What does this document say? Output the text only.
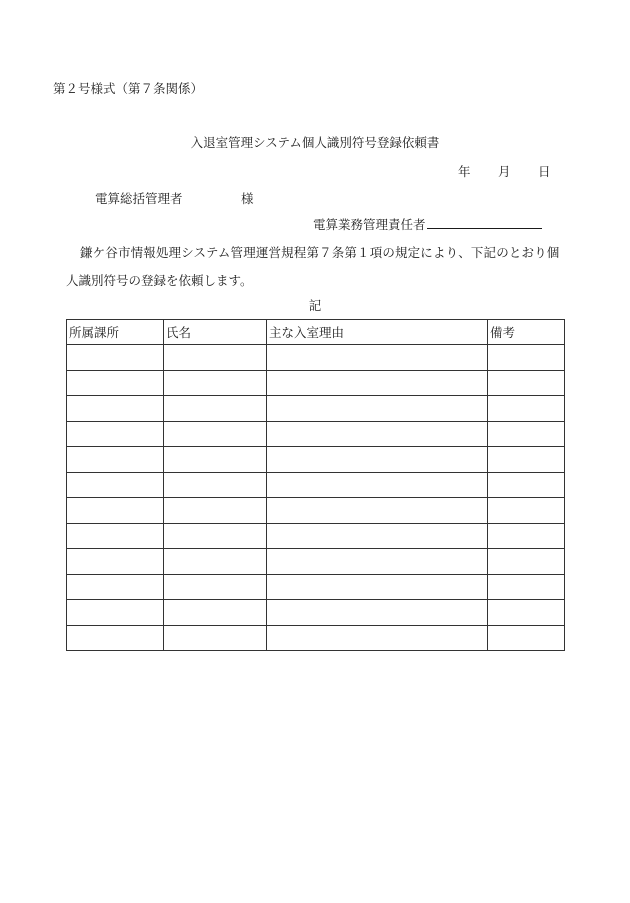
第２号様式（第７条関係）
入退室管理システム個人識別符号登録依頼書
年 月 日
電算総括管理者	様
電算業務管理責任者
鎌ケ谷市情報処理システム管理運営規程第７条第１項の規定により、下記のとおり個
人識別符号の登録を依頼します。
記
所属課所	氏名	主な入室理由	備考
